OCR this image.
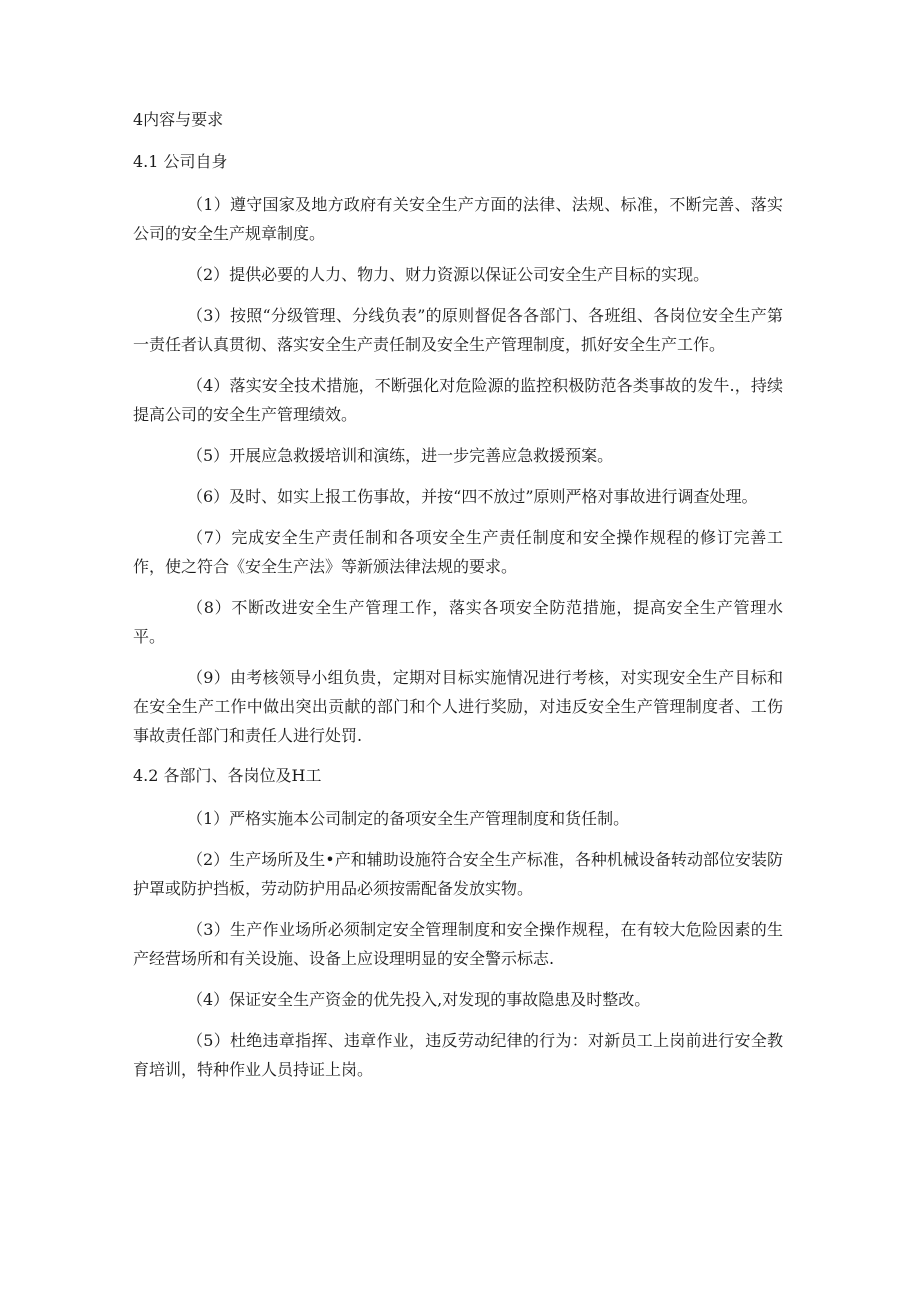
4内容与要求
4.1 公司自身

（1）遵守国家及地方政府有关安全生产方面的法律、法规、标准，不断完善、落实公司的安全生产规章制度。

（2）提供必要的人力、物力、财力资源以保证公司安全生产目标的实现。

（3）按照“分级管理、分线负表”的原则督促各各部门、各班组、各岗位安全生产第一责任者认真贯彻、落实安全生产责任制及安全生产管理制度，抓好安全生产工作。

（4）落实安全技术措施，不断强化对危险源的监控积极防范各类事故的发牛.，持续提高公司的安全生产管理绩效。

（5）开展应急救援培训和演练，进一步完善应急救援预案。

（6）及时、如实上报工伤事故，并按“四不放过”原则严格对事故进行调查处理。

（7）完成安全生产责任制和各项安全生产责任制度和安全操作规程的修订完善工作，使之符合《安全生产法》等新颁法律法规的要求。

（8）不断改进安全生产管理工作，落实各项安全防范措施，提高安全生产管理水平。

（9）由考核领导小组负贵，定期对目标实施情况进行考核，对实现安全生产目标和在安全生产工作中做出突出贡献的部门和个人进行奖励，对违反安全生产管理制度者、工伤事故责任部门和责任人进行处罚.

4.2 各部门、各岗位及H工

（1）严格实施本公司制定的备项安全生产管理制度和货任制。

（2）生产场所及生•产和辅助设施符合安全生产标准，各种机械设备转动部位安装防护罩或防护挡板，劳动防护用品必须按需配备发放实物。

（3）生产作业场所必须制定安全管理制度和安全操作规程，在有较大危险因素的生产经营场所和有关设施、设备上应设理明显的安全警示标志.

（4）保证安全生产资金的优先投入,对发现的事故隐患及时整改。

（5）杜绝违章指挥、违章作业，违反劳动纪律的行为：对新员工上岗前进行安全教育培训，特种作业人员持证上岗。
